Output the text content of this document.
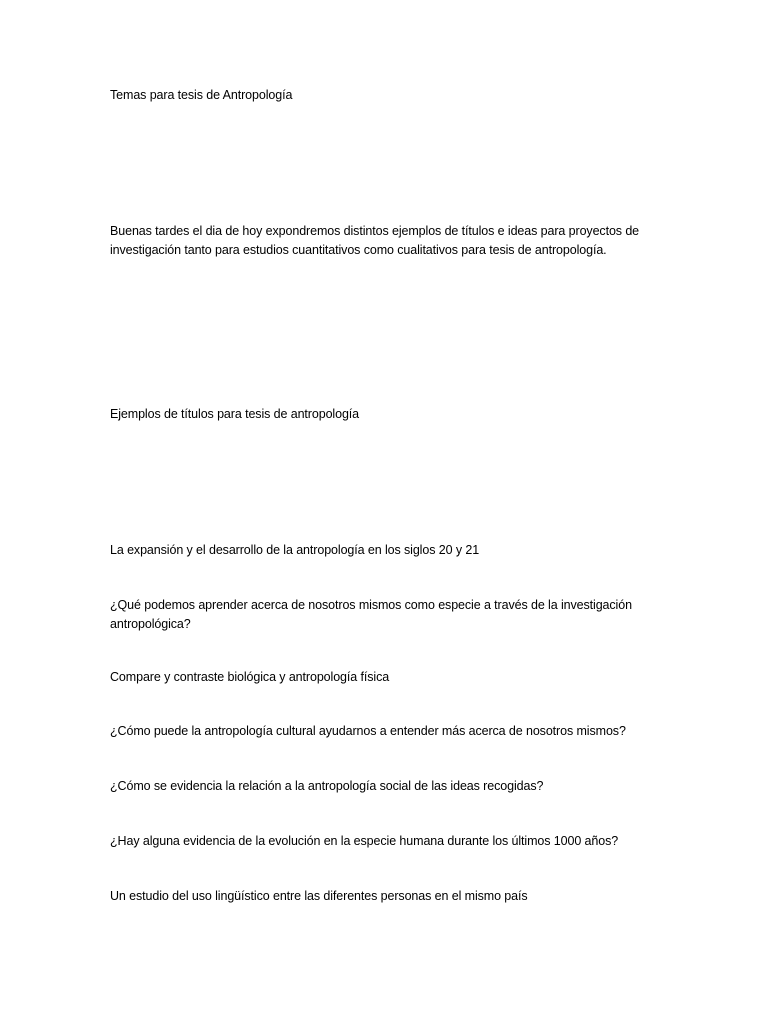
Temas para tesis de Antropología
Buenas tardes el dia de hoy expondremos distintos ejemplos de títulos e ideas para proyectos de investigación tanto para estudios cuantitativos como cualitativos para tesis de antropología.
Ejemplos de títulos para tesis de antropología
La expansión y el desarrollo de la antropología en los siglos 20 y 21
¿Qué podemos aprender acerca de nosotros mismos como especie a través de la investigación antropológica?
Compare y contraste biológica y antropología física
¿Cómo puede la antropología cultural ayudarnos a entender más acerca de nosotros mismos?
¿Cómo se evidencia la relación a la antropología social de las ideas recogidas?
¿Hay alguna evidencia de la evolución en la especie humana durante los últimos 1000 años?
Un estudio del uso lingüístico entre las diferentes personas en el mismo país
